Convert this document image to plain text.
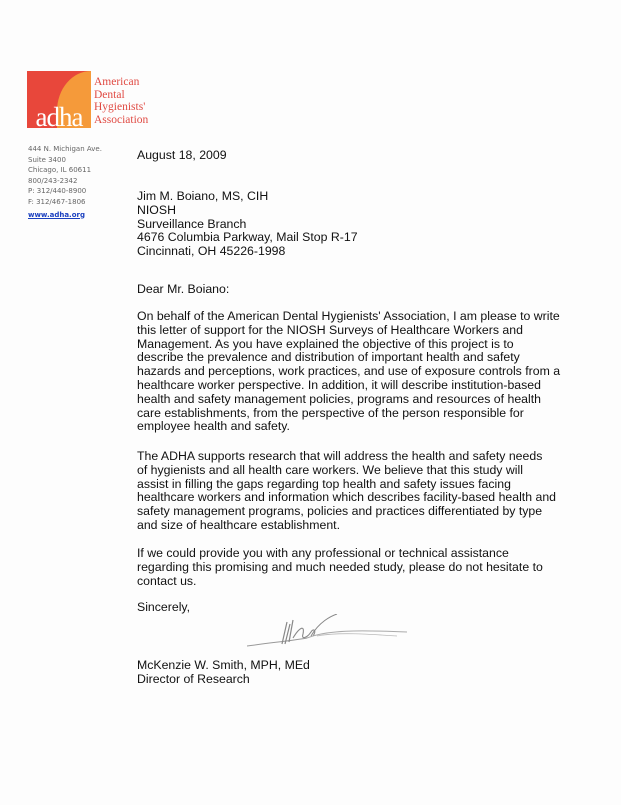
adha
American
Dental
Hygienists'
Association
444 N. Michigan Ave.
Suite 3400
Chicago, IL 60611
800/243-2342
P: 312/440-8900
F: 312/467-1806
www.adha.org
August 18, 2009
Jim M. Boiano, MS, CIH
NIOSH
Surveillance Branch
4676 Columbia Parkway, Mail Stop R-17
Cincinnati, OH 45226-1998
Dear Mr. Boiano:
On behalf of the American Dental Hygienists' Association, I am please to write
this letter of support for the NIOSH Surveys of Healthcare Workers and
Management. As you have explained the objective of this project is to
describe the prevalence and distribution of important health and safety
hazards and perceptions, work practices, and use of exposure controls from a
healthcare worker perspective. In addition, it will describe institution-based
health and safety management policies, programs and resources of health
care establishments, from the perspective of the person responsible for
employee health and safety.
The ADHA supports research that will address the health and safety needs
of hygienists and all health care workers. We believe that this study will
assist in filling the gaps regarding top health and safety issues facing
healthcare workers and information which describes facility-based health and
safety management programs, policies and practices differentiated by type
and size of healthcare establishment.
If we could provide you with any professional or technical assistance
regarding this promising and much needed study, please do not hesitate to
contact us.
Sincerely,
McKenzie W. Smith, MPH, MEd
Director of Research
